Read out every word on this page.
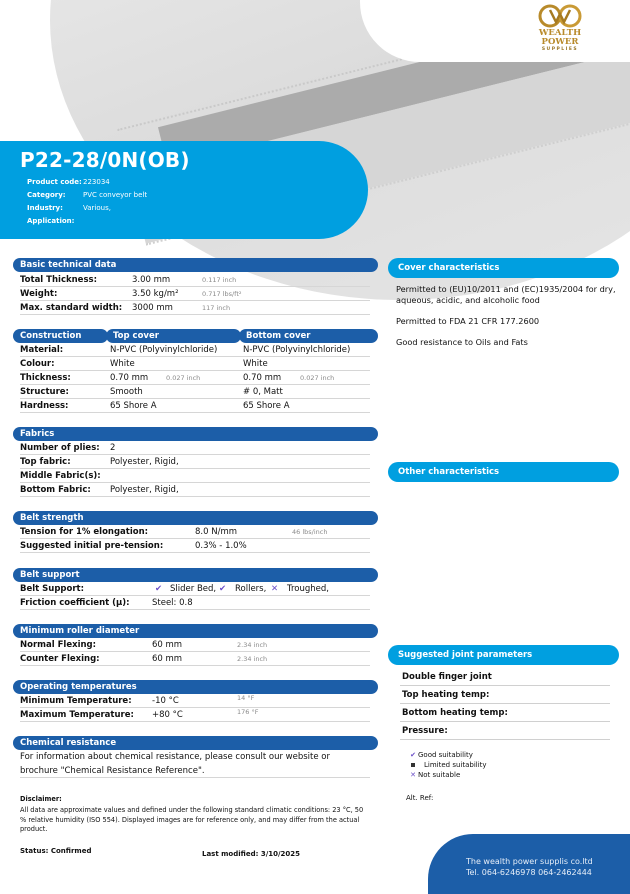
WEALTH POWER
SUPPLIES
P22-28/0N(OB)
Product code: 223034
Category:	PVC conveyor belt
Industry:	Various,
Application:
Basic technical data
Total Thickness:	3.00 mm	0.117 inch
Weight:	3.50 kg/m²	0.717 lbs/ft²
Max. standard width: 3000 mm	117 inch
Construction	Top cover	Bottom cover
Material:	N-PVC (Polyvinylchloride)	N-PVC (Polyvinylchloride)
Colour:	White	White
Thickness:	0.70 mm	0.027 inch	0.70 mm	0.027 inch
Structure:	Smooth	# 0, Matt
Hardness:	65 Shore A	65 Shore A
Fabrics
Number of plies: 2
Top fabric:	Polyester, Rigid,
Middle Fabric(s):
Bottom Fabric: Polyester, Rigid,
Belt strength
Tension for 1% elongation:	8.0 N/mm	46 lbs/inch
Suggested initial pre-tension:	0.3% - 1.0%
Belt support
Belt Support:	✔ Slider Bed, ✔ Rollers, ✕ Troughed,
Friction coefficient (μ):	Steel: 0.8
Minimum roller diameter
Normal Flexing:	60 mm	2.34 inch
Counter Flexing:	60 mm	2.34 inch
Operating temperatures
Minimum Temperature: -10 °C	14 °F
Maximum Temperature: +80 °C	176 °F
Chemical resistance
For information about chemical resistance, please consult our website or
brochure "Chemical Resistance Reference".
Cover characteristics

Permitted to (EU)10/2011 and (EC)1935/2004 for dry, aqueous, acidic, and alcoholic food

Permitted to FDA 21 CFR 177.2600

Good resistance to Oils and Fats

Other characteristics
Suggested joint parameters
Double finger joint
Top heating temp:
Bottom heating temp:
Pressure:
✔ Good suitability
Limited suitability
✕ Not suitable
Alt. Ref:
Disclaimer:
All data are approximate values and defined under the following standard climatic conditions: 23 °C, 50 % relative humidity (ISO 554). Displayed images are for reference only, and may differ from the actual product.
Status: Confirmed	Last modified: 3/10/2025
The wealth power supplis co.ltd
Tel. 064-6246978 064-2462444
